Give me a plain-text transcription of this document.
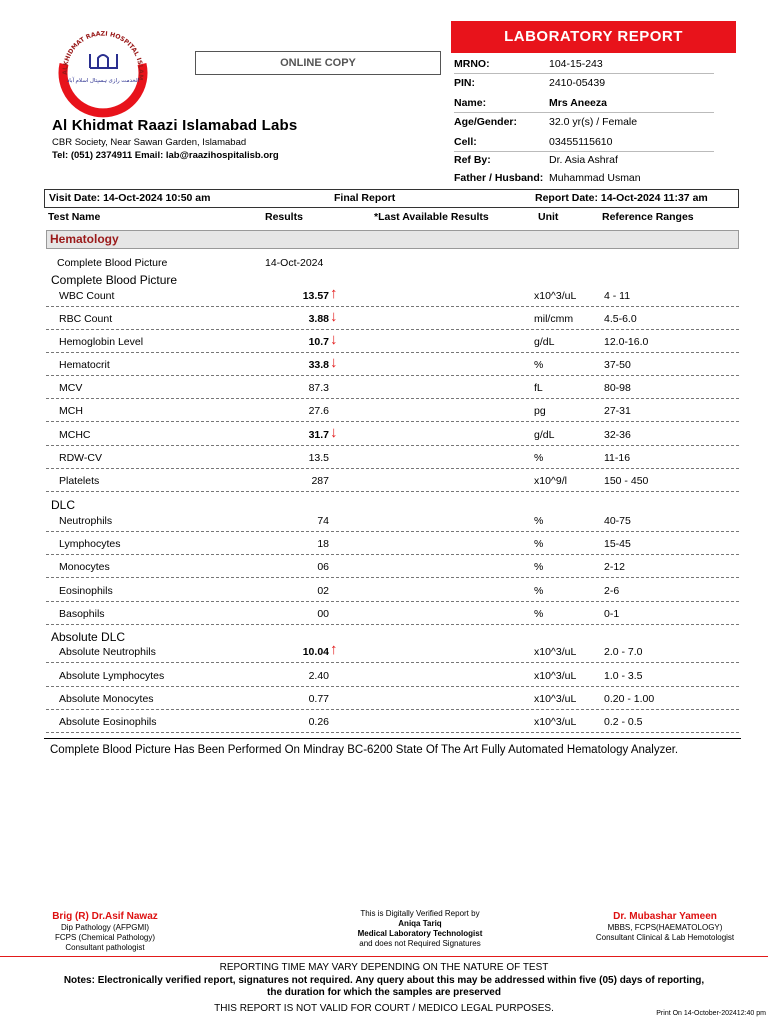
ALKHIDMAT RAAZI HOSPITAL ISLAM
الخدمت رازی ہسپتال اسلام آباد
Al Khidmat Raazi Islamabad Labs
CBR Society, Near Sawan Garden, Islamabad
Tel: (051) 2374911 Email: lab@raazihospitalisb.org
ONLINE COPY
LABORATORY REPORT
MRNO:	104-15-243
PIN:	2410-05439
Name:	Mrs Aneeza
Age/Gender:	32.0 yr(s) / Female
Cell:	03455115610
Ref By:	Dr. Asia Ashraf
Father / Husband: Muhammad Usman
Visit Date: 14-Oct-2024 10:50 am	Final Report	Report Date: 14-Oct-2024 11:37 am
Test Name	Results	*Last Available Results	Unit	Reference Ranges
Hematology
Complete Blood Picture	14-Oct-2024
Complete Blood Picture
DLC
Absolute DLC
WBC Count	13.57 ↑	x10^3/uL	4 - 11
RBC Count	3.88 ↓	mil/cmm	4.5-6.0
Hemoglobin Level	10.7 ↓	g/dL	12.0-16.0
Hematocrit	33.8 ↓	%	37-50
MCV	87.3	fL	80-98
MCH	27.6	pg	27-31
MCHC	31.7 ↓	g/dL	32-36
RDW-CV	13.5	%	11-16
Platelets	287	x10^9/l	150 - 450
Neutrophils	74	%	40-75
Lymphocytes	18	%	15-45
Monocytes	06	%	2-12
Eosinophils	02	%	2-6
Basophils	00	%	0-1
Absolute Neutrophils	10.04 ↑	x10^3/uL	2.0 - 7.0
Absolute Lymphocytes	2.40	x10^3/uL	1.0 - 3.5
Absolute Monocytes	0.77	x10^3/uL	0.20 - 1.00
Absolute Eosinophils	0.26	x10^3/uL	0.2 - 0.5
Complete Blood Picture Has Been Performed On Mindray BC-6200 State Of The Art Fully Automated Hematology Analyzer.
Brig (R) Dr.Asif Nawaz
Dip Pathology (AFPGMI)
FCPS (Chemical Pathology)
Consultant pathologist
This is Digitally Verified Report by
Aniqa Tariq
Medical Laboratory Technologist
and does not Required Signatures
Dr. Mubashar Yameen
MBBS, FCPS(HAEMATOLOGY)
Consultant Clinical & Lab Hemotologist
REPORTING TIME MAY VARY DEPENDING ON THE NATURE OF TEST
Notes: Electronically verified report, signatures not required. Any query about this may be addressed within five (05) days of reporting,
the duration for which the samples are preserved
THIS REPORT IS NOT VALID FOR COURT / MEDICO LEGAL PURPOSES.	Print On 14-October-202412:40 pm
